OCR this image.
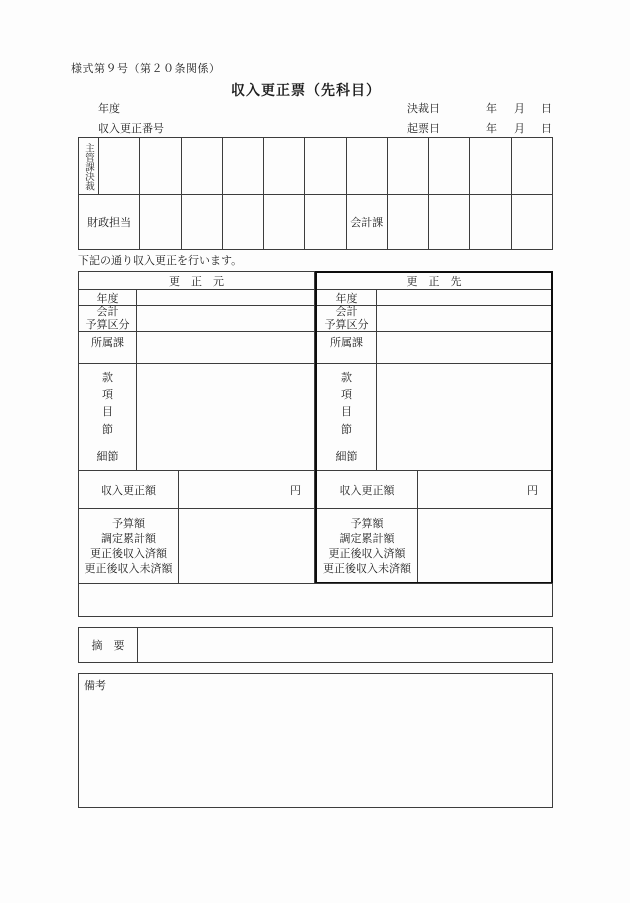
様式第９号（第２０条関係）
収入更正票（先科目）
年度	決裁日	年 月 日
収入更正番号	起票日	年 月 日
主管課決裁
財政担当	会計課
下記の通り収入更正を行います。
更　正　元
年度
会計
予算区分
所属課
款
項
目
節
細節
収入更正額	円
予算額
調定累計額
更正後収入済額
更正後収入未済額
更　正　先
年度
会計
予算区分
所属課
款
項
目
節
細節
収入更正額	円
予算額
調定累計額
更正後収入済額
更正後収入未済額
摘　要
備考
